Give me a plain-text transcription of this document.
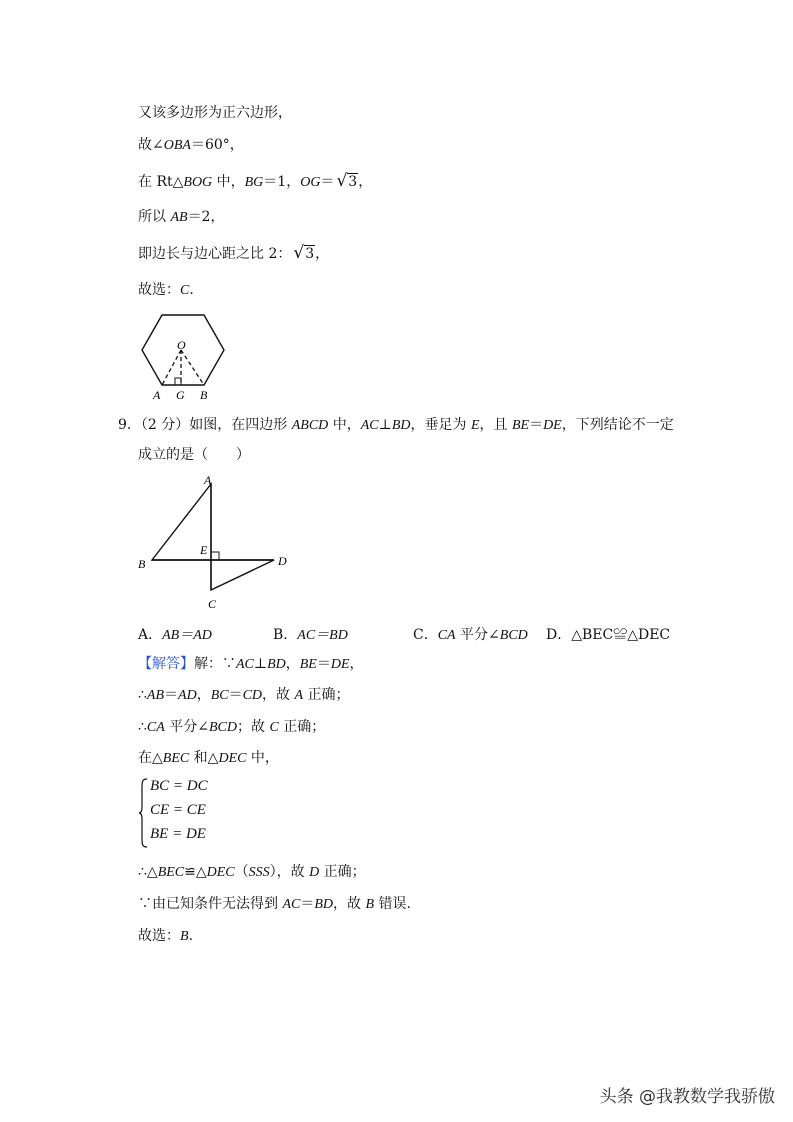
又该多边形为正六边形，
故∠OBA＝60°，
在 Rt△BOG 中，BG＝1，OG＝ √3，
所以 AB＝2，
即边长与边心距之比 2： √3，
故选：C.
O
A G B
9．（2 分）如图，在四边形 ABCD 中，AC⊥BD，垂足为 E，且 BE＝DE，下列结论不一定
成立的是（　　）
A
B
E
D
C
A．AB＝AD	B．AC＝BD	C．CA 平分∠BCD D．△BEC≌△DEC
【解答】解：∵AC⊥BD，BE＝DE，
∴AB＝AD，BC＝CD，故 A 正确；
∴CA 平分∠BCD；故 C 正确；
在△BEC 和△DEC 中，
BC = DC
CE = CE
BE = DE
∴△BEC≌△DEC（SSS），故 D 正确；
∵由已知条件无法得到 AC＝BD，故 B 错误.
故选：B.
头条 @我教数学我骄傲
